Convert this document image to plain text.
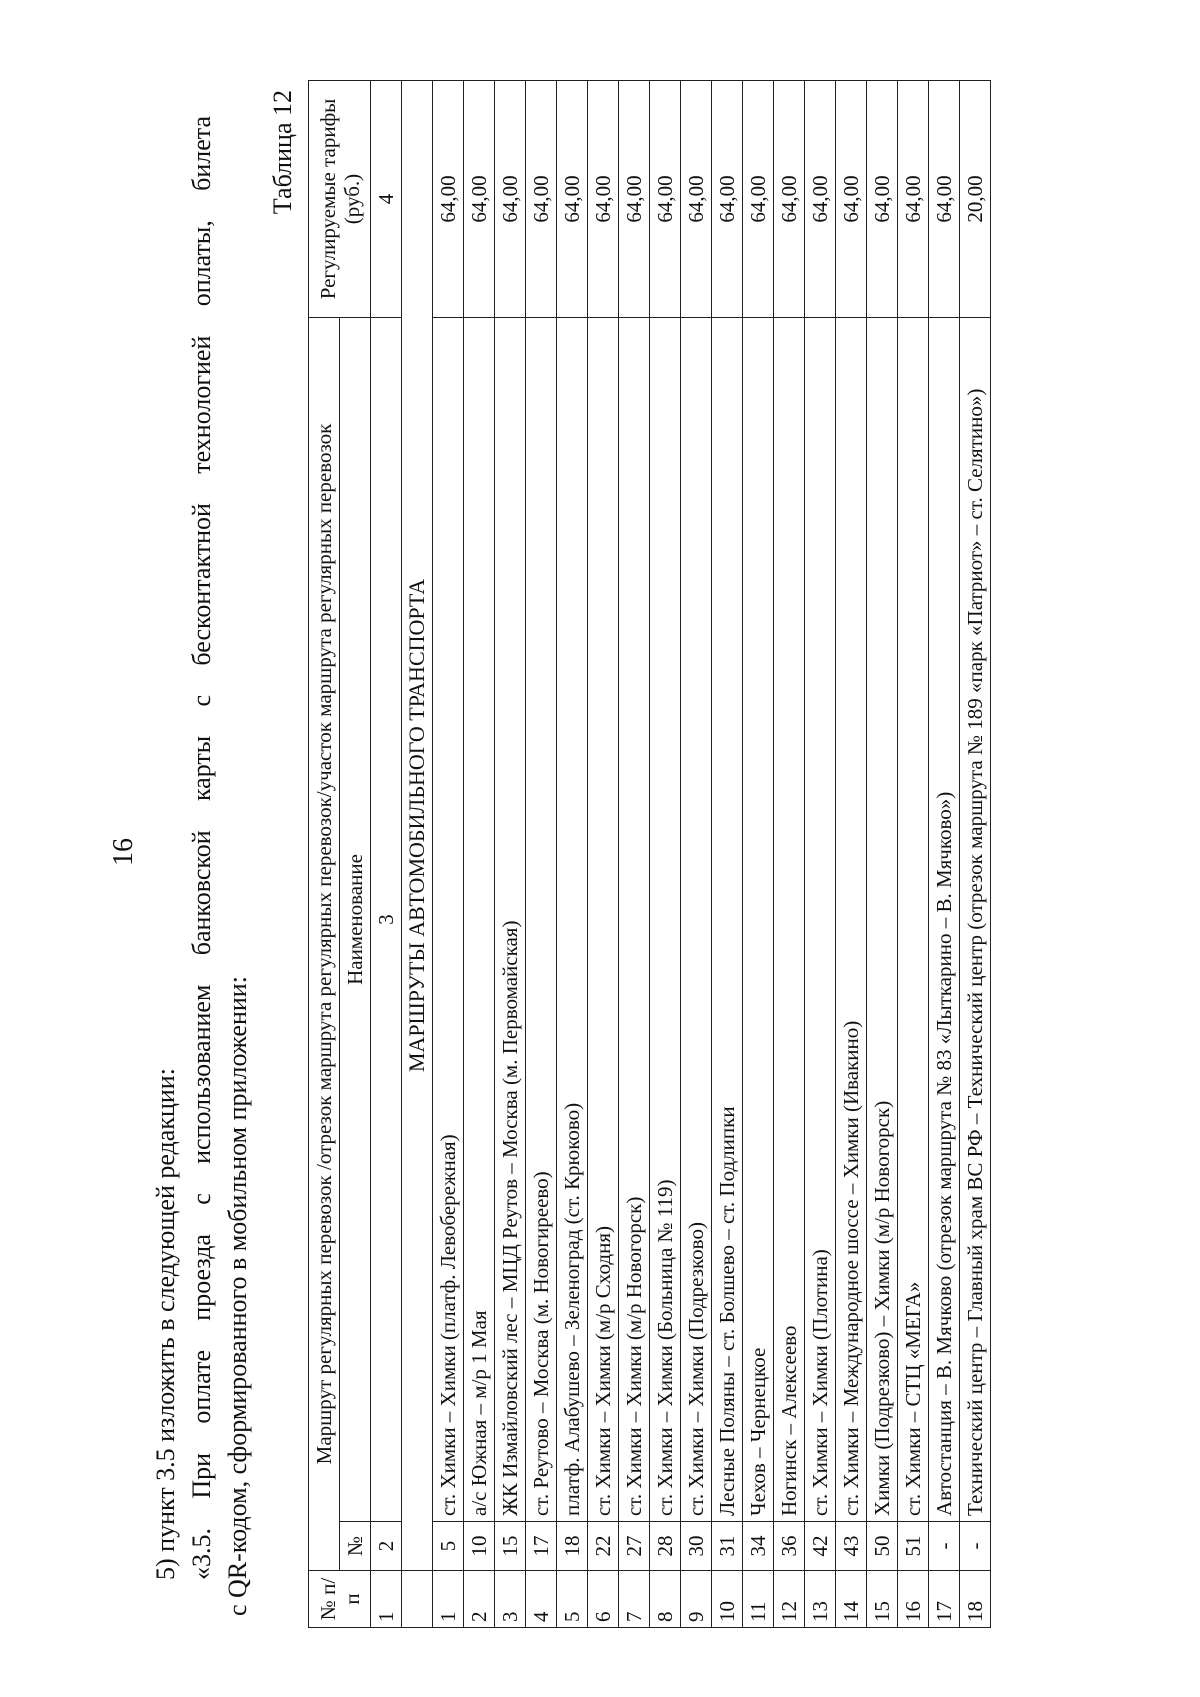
16

5) пункт 3.5 изложить в следующей редакции: «3.5. При оплате проезда с использованием банковской карты с бесконтактной технологией оплаты, билета с QR-кодом, сформированного в мобильном приложении:

Таблица 12
№ п/п	Маршрут регулярных перевозок /отрезок маршрута регулярных перевозок/участок маршрута регулярных перевозок		Регулируемые тарифы (руб.)
	№	Наименование	
1	2	3	4
	МАРШРУТЫ АВТОМОБИЛЬНОГО ТРАНСПОРТА		
1	5	ст. Химки – Химки (платф. Левобережная)	64,00
2	10	а/с Южная – м/р 1 Мая	64,00
3	15	ЖК Измайловский лес – МЦД Реутов – Москва (м. Первомайская)	64,00
4	17	ст. Реутово – Москва (м. Новогиреево)	64,00
5	18	платф. Алабушево – Зеленоград (ст. Крюково)	64,00
6	22	ст. Химки – Химки (м/р Сходня)	64,00
7	27	ст. Химки – Химки (м/р Новогорск)	64,00
8	28	ст. Химки – Химки (Больница № 119)	64,00
9	30	ст. Химки – Химки (Подрезково)	64,00
10	31	Лесные Поляны – ст. Болшево – ст. Подлипки	64,00
11	34	Чехов – Чернецкое	64,00
12	36	Ногинск – Алексеево	64,00
13	42	ст. Химки – Химки (Плотина)	64,00
14	43	ст. Химки – Международное шоссе – Химки (Ивакино)	64,00
15	50	Химки (Подрезково) – Химки (м/р Новогорск)	64,00
16	51	ст. Химки – СТЦ «МЕГА»	64,00
17	-	Автостанция – В. Мячково (отрезок маршрута № 83 «Лыткарино – В. Мячково»)	64,00
18	-	Технический центр – Главный храм ВС РФ – Технический центр (отрезок маршрута № 189 «парк «Патриот» – ст. Селятино»)	20,00
